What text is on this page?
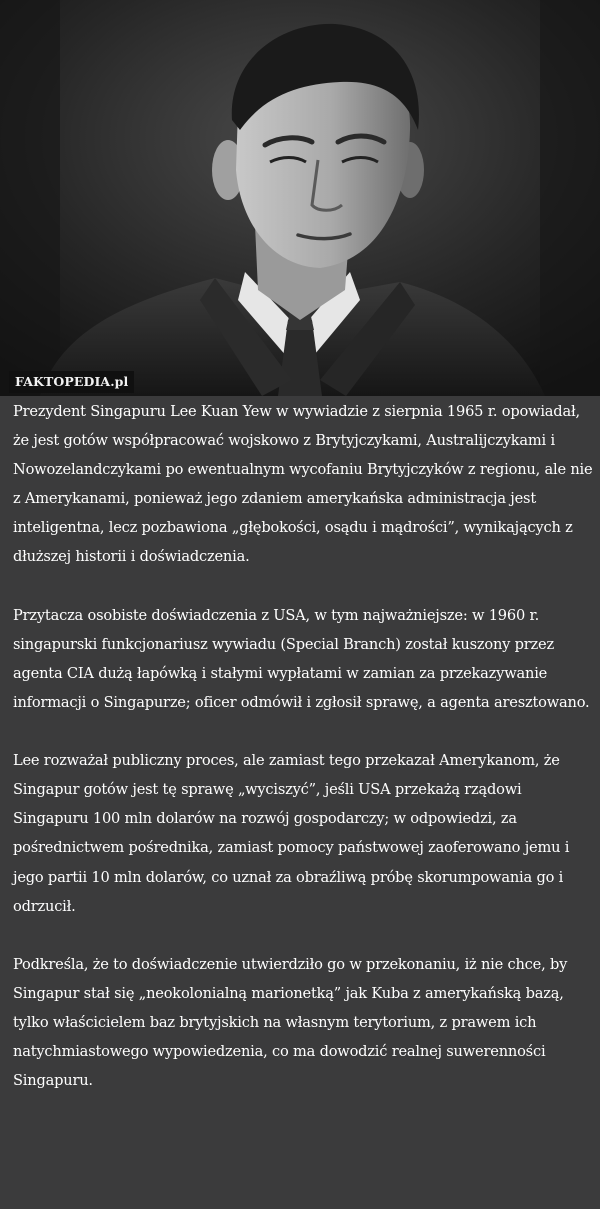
FAKTOPEDIA.pl

Prezydent Singapuru Lee Kuan Yew w wywiadzie z sierpnia 1965 r. opowiadał, że jest gotów współpracować wojskowo z Brytyjczykami, Australijczykami i Nowozelandczykami po ewentualnym wycofaniu Brytyjczyków z regionu, ale nie z Amerykanami, ponieważ jego zdaniem amerykańska administracja jest inteligentna, lecz pozbawiona „głębokości, osądu i mądrości”, wynikających z dłuższej historii i doświadczenia.

Przytacza osobiste doświadczenia z USA, w tym najważniejsze: w 1960 r. singapurski funkcjonariusz wywiadu (Special Branch) został kuszony przez agenta CIA dużą łapówką i stałymi wypłatami w zamian za przekazywanie informacji o Singapurze; oficer odmówił i zgłosił sprawę, a agenta aresztowano.

Lee rozważał publiczny proces, ale zamiast tego przekazał Amerykanom, że Singapur gotów jest tę sprawę „wyciszyć”, jeśli USA przekażą rządowi Singapuru 100 mln dolarów na rozwój gospodarczy; w odpowiedzi, za pośrednictwem pośrednika, zamiast pomocy państwowej zaoferowano jemu i jego partii 10 mln dolarów, co uznał za obraźliwą próbę skorumpowania go i odrzucił.

Podkreśla, że to doświadczenie utwierdziło go w przekonaniu, iż nie chce, by Singapur stał się „neokolonialną marionetką” jak Kuba z amerykańską bazą, tylko właścicielem baz brytyjskich na własnym terytorium, z prawem ich natychmiastowego wypowiedzenia, co ma dowodzić realnej suwerenności Singapuru.
